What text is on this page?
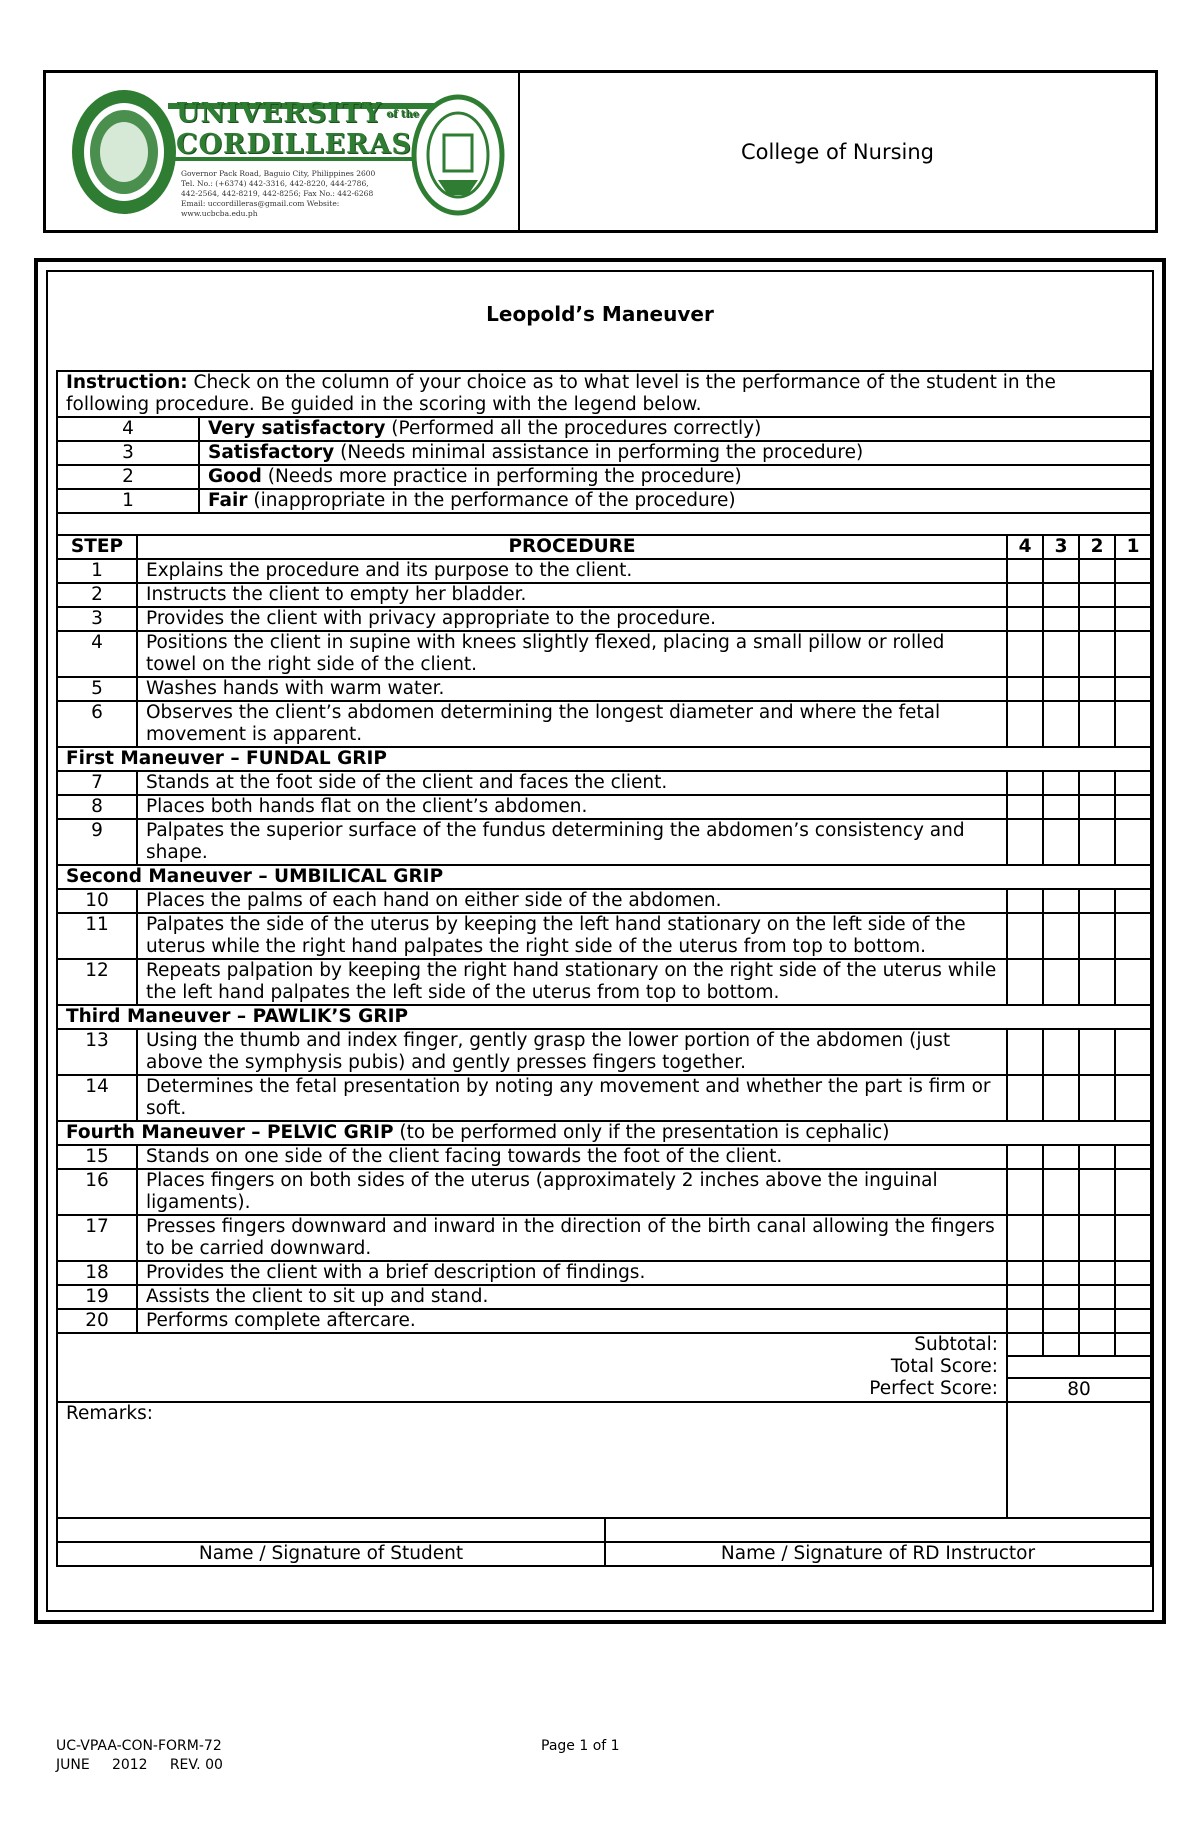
UNIVERSITY of the
CORDILLERAS
Governor Pack Road, Baguio City, Philippines 2600
Tel. No.: (+6374) 442-3316, 442-8220, 444-2786,
442-2564, 442-8219, 442-8256; Fax No.: 442-6268
Email: uccordilleras@gmail.com Website: www.ucbcba.edu.ph
College of Nursing
Leopold’s Maneuver
Instruction: Check on the column of your choice as to what level is the performance of the student in the following procedure. Be guided in the scoring with the legend below.						
4		Very satisfactory (Performed all the procedures correctly)				
3		Satisfactory (Needs minimal assistance in performing the procedure)				
2		Good (Needs more practice in performing the procedure)				
1		Fair (inappropriate in the performance of the procedure)				

STEP	PROCEDURE		4	3	2	1
1	Explains the procedure and its purpose to the client.					
2	Instructs the client to empty her bladder.					
3	Provides the client with privacy appropriate to the procedure.					
4	Positions the client in supine with knees slightly flexed, placing a small pillow or rolled towel on the right side of the client.					
5	Washes hands with warm water.					
6	Observes the client’s abdomen determining the longest diameter and where the fetal movement is apparent.					
First Maneuver – FUNDAL GRIP						
7	Stands at the foot side of the client and faces the client.					
8	Places both hands flat on the client’s abdomen.					
9	Palpates the superior surface of the fundus determining the abdomen’s consistency and shape.					
Second Maneuver – UMBILICAL GRIP						
10	Places the palms of each hand on either side of the abdomen.					
11	Palpates the side of the uterus by keeping the left hand stationary on the left side of the uterus while the right hand palpates the right side of the uterus from top to bottom.					
12	Repeats palpation by keeping the right hand stationary on the right side of the uterus while the left hand palpates the left side of the uterus from top to bottom.					
Third Maneuver – PAWLIK’S GRIP						
13	Using the thumb and index finger, gently grasp the lower portion of the abdomen (just above the symphysis pubis) and gently presses fingers together.					
14	Determines the fetal presentation by noting any movement and whether the part is firm or soft.					
Fourth Maneuver – PELVIC GRIP (to be performed only if the presentation is cephalic)						
15	Stands on one side of the client facing towards the foot of the client.					
16	Places fingers on both sides of the uterus (approximately 2 inches above the inguinal ligaments).					
17	Presses fingers downward and inward in the direction of the birth canal allowing the fingers to be carried downward.					
18	Provides the client with a brief description of findings.					
19	Assists the client to sit up and stand.					
20	Performs complete aftercare.					
Subtotal:						
Total Score:						
Perfect Score:			80			
Remarks:						

Name / Signature of Student Name / Signature of RD Instructor						
UC-VPAA-CON-FORM-72
JUNE     2012     REV. 00
Page 1 of 1
